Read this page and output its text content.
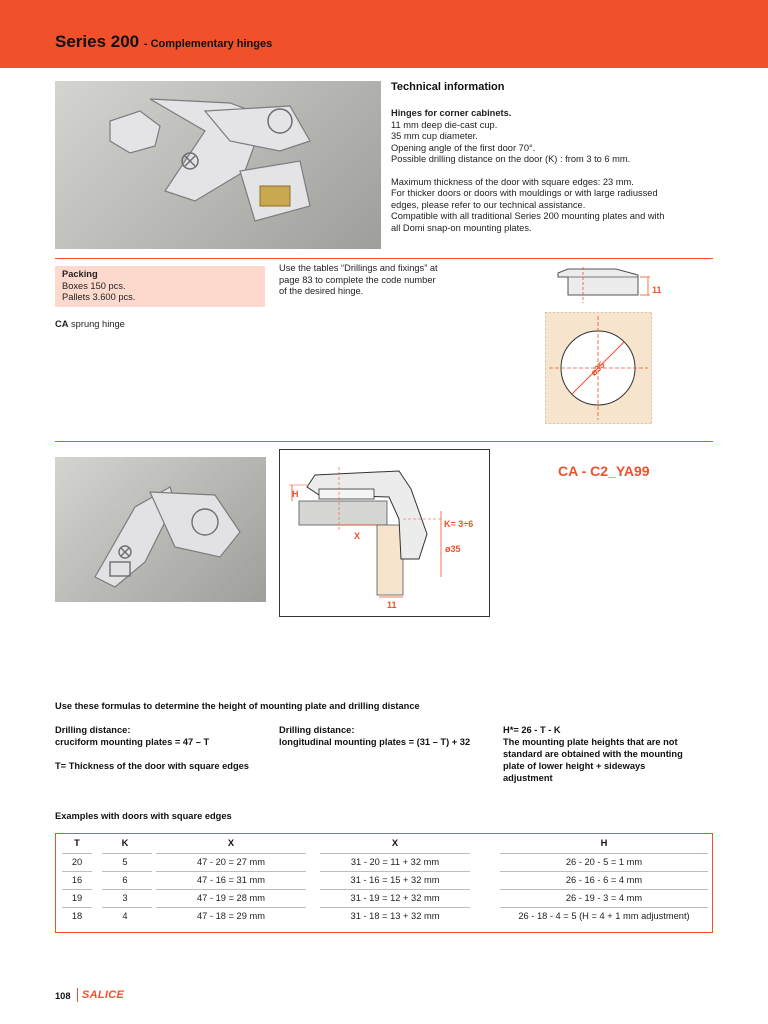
Series 200 - Complementary hinges
Technical information
Hinges for corner cabinets.
11 mm deep die-cast cup.
35 mm cup diameter.
Opening angle of the first door 70°.
Possible drilling distance on the door (K) : from 3 to 6 mm.
Maximum thickness of the door with square edges: 23 mm.
For thicker doors or doors with mouldings or with large radiussed
edges, please refer to our technical assistance.
Compatible with all traditional Series 200 mounting plates and with
all Domi snap-on mounting plates.
Packing
Boxes 150 pcs.
Pallets 3.600 pcs.
Use the tables “Drillings and fixings” at
page 83 to complete the code number
of the desired hinge.
CA sprung hinge
11
ø35
H
X
K= 3÷6
ø35
11
CA - C2_YA99
Use these formulas to determine the height of mounting plate and drilling distance
Drilling distance:
cruciform mounting plates = 47 – T
Drilling distance:
longitudinal mounting plates = (31 – T) + 32
H*= 26 - T - K
The mounting plate heights that are not
standard are obtained with the mounting
plate of lower height + sideways
adjustment
T= Thickness of the door with square edges
Examples with doors with square edges
T	K	X	X	H
20	5	47 - 20 = 27 mm	31 - 20 = 11 + 32 mm	26 - 20 - 5 = 1 mm
16	6	47 - 16 = 31 mm	31 - 16 = 15 + 32 mm	26 - 16 - 6 = 4 mm
19	3	47 - 19 = 28 mm	31 - 19 = 12 + 32 mm	26 - 19 - 3 = 4 mm
18	4	47 - 18 = 29 mm	31 - 18 = 13 + 32 mm	26 - 18 - 4 = 5 (H = 4 + 1 mm adjustment)
108 SALICE
